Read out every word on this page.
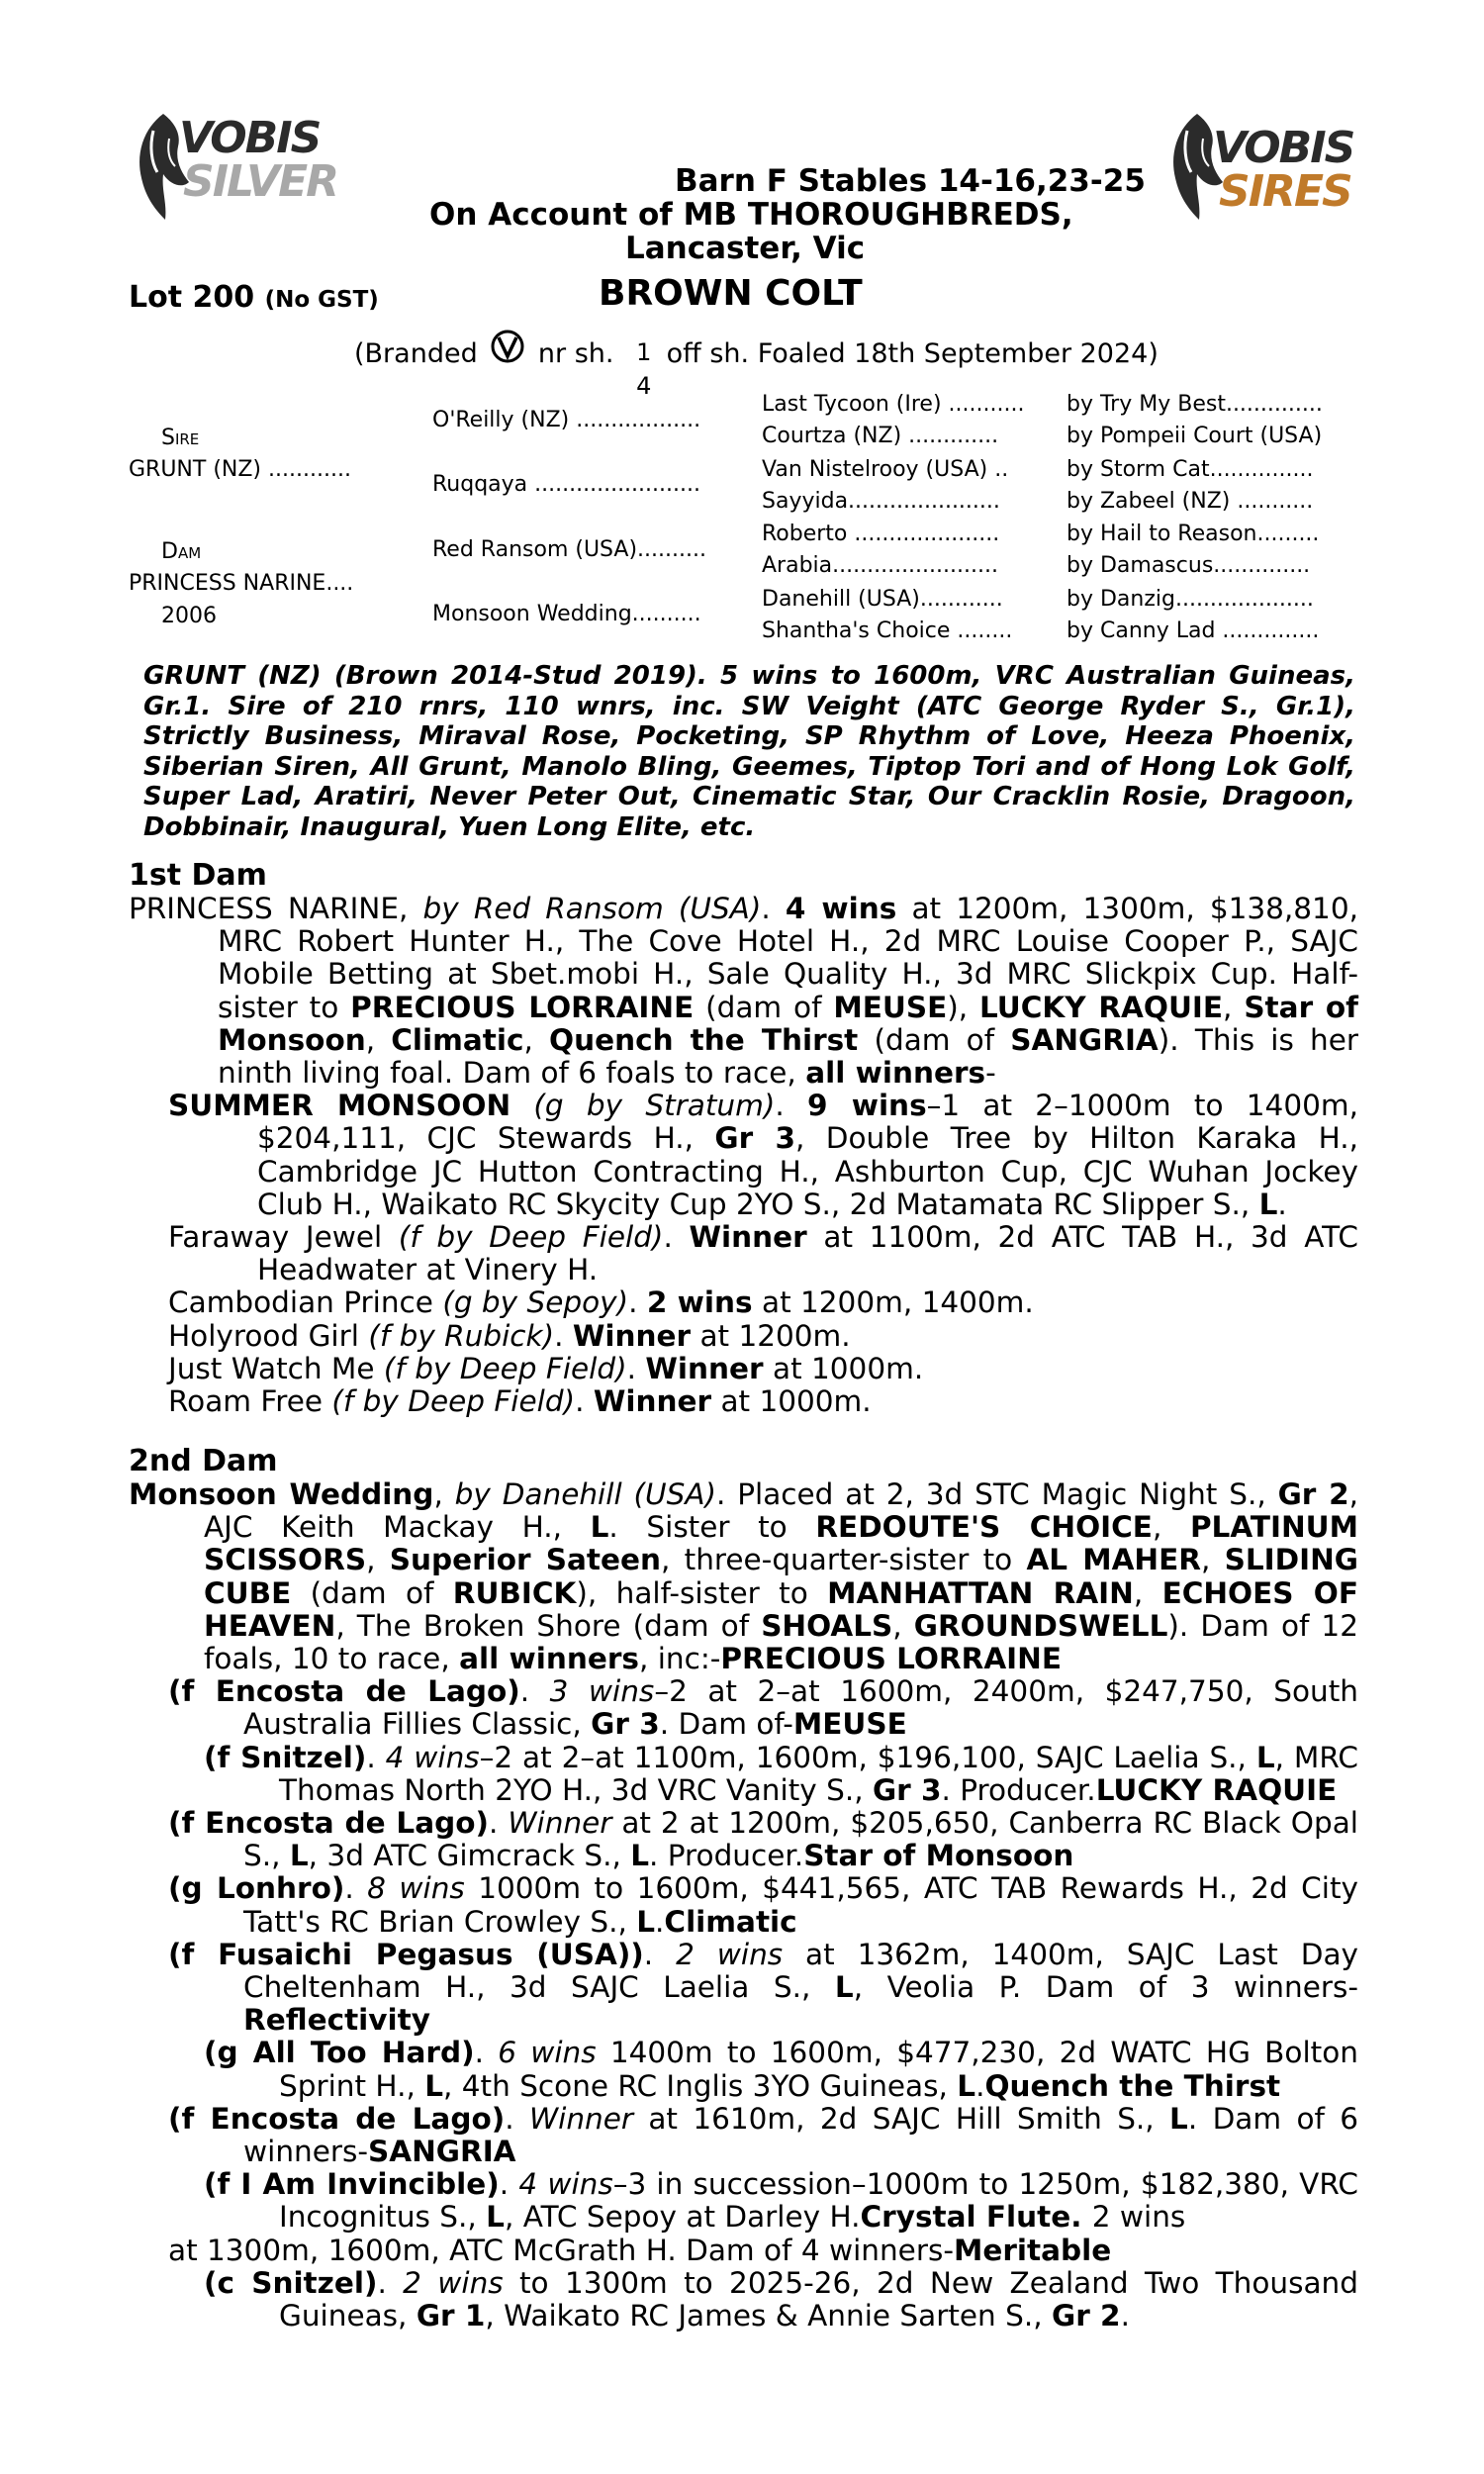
VOBIS
SILVER
VOBIS
SIRES
Barn F Stables 14-16,23-25
On Account of MB THOROUGHBREDS,
Lancaster, Vic
Lot 200 (No GST)	BROWN COLT
(Branded nr sh. 1
4
off sh. Foaled 18th September 2024)
Sire
GRUNT (NZ) ............
Dam
PRINCESS NARINE....
2006
O'Reilly (NZ) ..................
Ruqqaya ........................
Red Ransom (USA)..........
Monsoon Wedding..........
Last Tycoon (Ire) ...........
Courtza (NZ) .............
Van Nistelrooy (USA) ..
Sayyida......................
Roberto .....................
Arabia........................
Danehill (USA)............
Shantha's Choice ........
by Try My Best..............
by Pompeii Court (USA)
by Storm Cat...............
by Zabeel (NZ) ...........
by Hail to Reason.........
by Damascus..............
by Danzig....................
by Canny Lad ..............
GRUNT (NZ) (Brown 2014-Stud 2019). 5 wins to 1600m, VRC Australian Guineas, Gr.1. Sire of 210 rnrs, 110 wnrs, inc. SW Veight (ATC George Ryder S., Gr.1), Strictly Business, Miraval Rose, Pocketing, SP Rhythm of Love, Heeza Phoenix, Siberian Siren, All Grunt, Manolo Bling, Geemes, Tiptop Tori and of Hong Lok Golf, Super Lad, Aratiri, Never Peter Out, Cinematic Star, Our Cracklin Rosie, Dragoon, Dobbinair, Inaugural, Yuen Long Elite, etc.
1st Dam
PRINCESS NARINE, by Red Ransom (USA). 4 wins at 1200m, 1300m, $138,810, MRC Robert Hunter H., The Cove Hotel H., 2d MRC Louise Cooper P., SAJC Mobile Betting at Sbet.mobi H., Sale Quality H., 3d MRC Slickpix Cup. Half-sister to PRECIOUS LORRAINE (dam of MEUSE), LUCKY RAQUIE, Star of Monsoon, Climatic, Quench the Thirst (dam of SANGRIA). This is her ninth living foal. Dam of 6 foals to race, all winners-
SUMMER MONSOON (g by Stratum). 9 wins–1 at 2–1000m to 1400m, $204,111, CJC Stewards H., Gr 3, Double Tree by Hilton Karaka H., Cambridge JC Hutton Contracting H., Ashburton Cup, CJC Wuhan Jockey Club H., Waikato RC Skycity Cup 2YO S., 2d Matamata RC Slipper S., L.
Faraway Jewel (f by Deep Field). Winner at 1100m, 2d ATC TAB H., 3d ATC Headwater at Vinery H.
Cambodian Prince (g by Sepoy). 2 wins at 1200m, 1400m.
Holyrood Girl (f by Rubick). Winner at 1200m.
Just Watch Me (f by Deep Field). Winner at 1000m.
Roam Free (f by Deep Field). Winner at 1000m.
2nd Dam
Monsoon Wedding, by Danehill (USA). Placed at 2, 3d STC Magic Night S., Gr 2, AJC Keith Mackay H., L. Sister to REDOUTE'S CHOICE, PLATINUM SCISSORS, Superior Sateen, three-quarter-sister to AL MAHER, SLIDING CUBE (dam of RUBICK), half-sister to MANHATTAN RAIN, ECHOES OF HEAVEN, The Broken Shore (dam of SHOALS, GROUNDSWELL). Dam of 12 foals, 10 to race, all winners, inc:-PRECIOUS LORRAINE
(f Encosta de Lago). 3 wins–2 at 2–at 1600m, 2400m, $247,750, South Australia Fillies Classic, Gr 3. Dam of-MEUSE
(f Snitzel). 4 wins–2 at 2–at 1100m, 1600m, $196,100, SAJC Laelia S., L, MRC Thomas North 2YO H., 3d VRC Vanity S., Gr 3. Producer.LUCKY RAQUIE
(f Encosta de Lago). Winner at 2 at 1200m, $205,650, Canberra RC Black Opal S., L, 3d ATC Gimcrack S., L. Producer.Star of Monsoon
(g Lonhro). 8 wins 1000m to 1600m, $441,565, ATC TAB Rewards H., 2d City Tatt's RC Brian Crowley S., L.Climatic
(f Fusaichi Pegasus (USA)). 2 wins at 1362m, 1400m, SAJC Last Day Cheltenham H., 3d SAJC Laelia S., L, Veolia P. Dam of 3 winners-Reflectivity
(g All Too Hard). 6 wins 1400m to 1600m, $477,230, 2d WATC HG Bolton Sprint H., L, 4th Scone RC Inglis 3YO Guineas, L.Quench the Thirst
(f Encosta de Lago). Winner at 1610m, 2d SAJC Hill Smith S., L. Dam of 6 winners-SANGRIA
(f I Am Invincible). 4 wins–3 in succession–1000m to 1250m, $182,380, VRC Incognitus S., L, ATC Sepoy at Darley H.Crystal Flute. 2 wins
at 1300m, 1600m, ATC McGrath H. Dam of 4 winners-Meritable
(c Snitzel). 2 wins to 1300m to 2025-26, 2d New Zealand Two Thousand Guineas, Gr 1, Waikato RC James & Annie Sarten S., Gr 2.
